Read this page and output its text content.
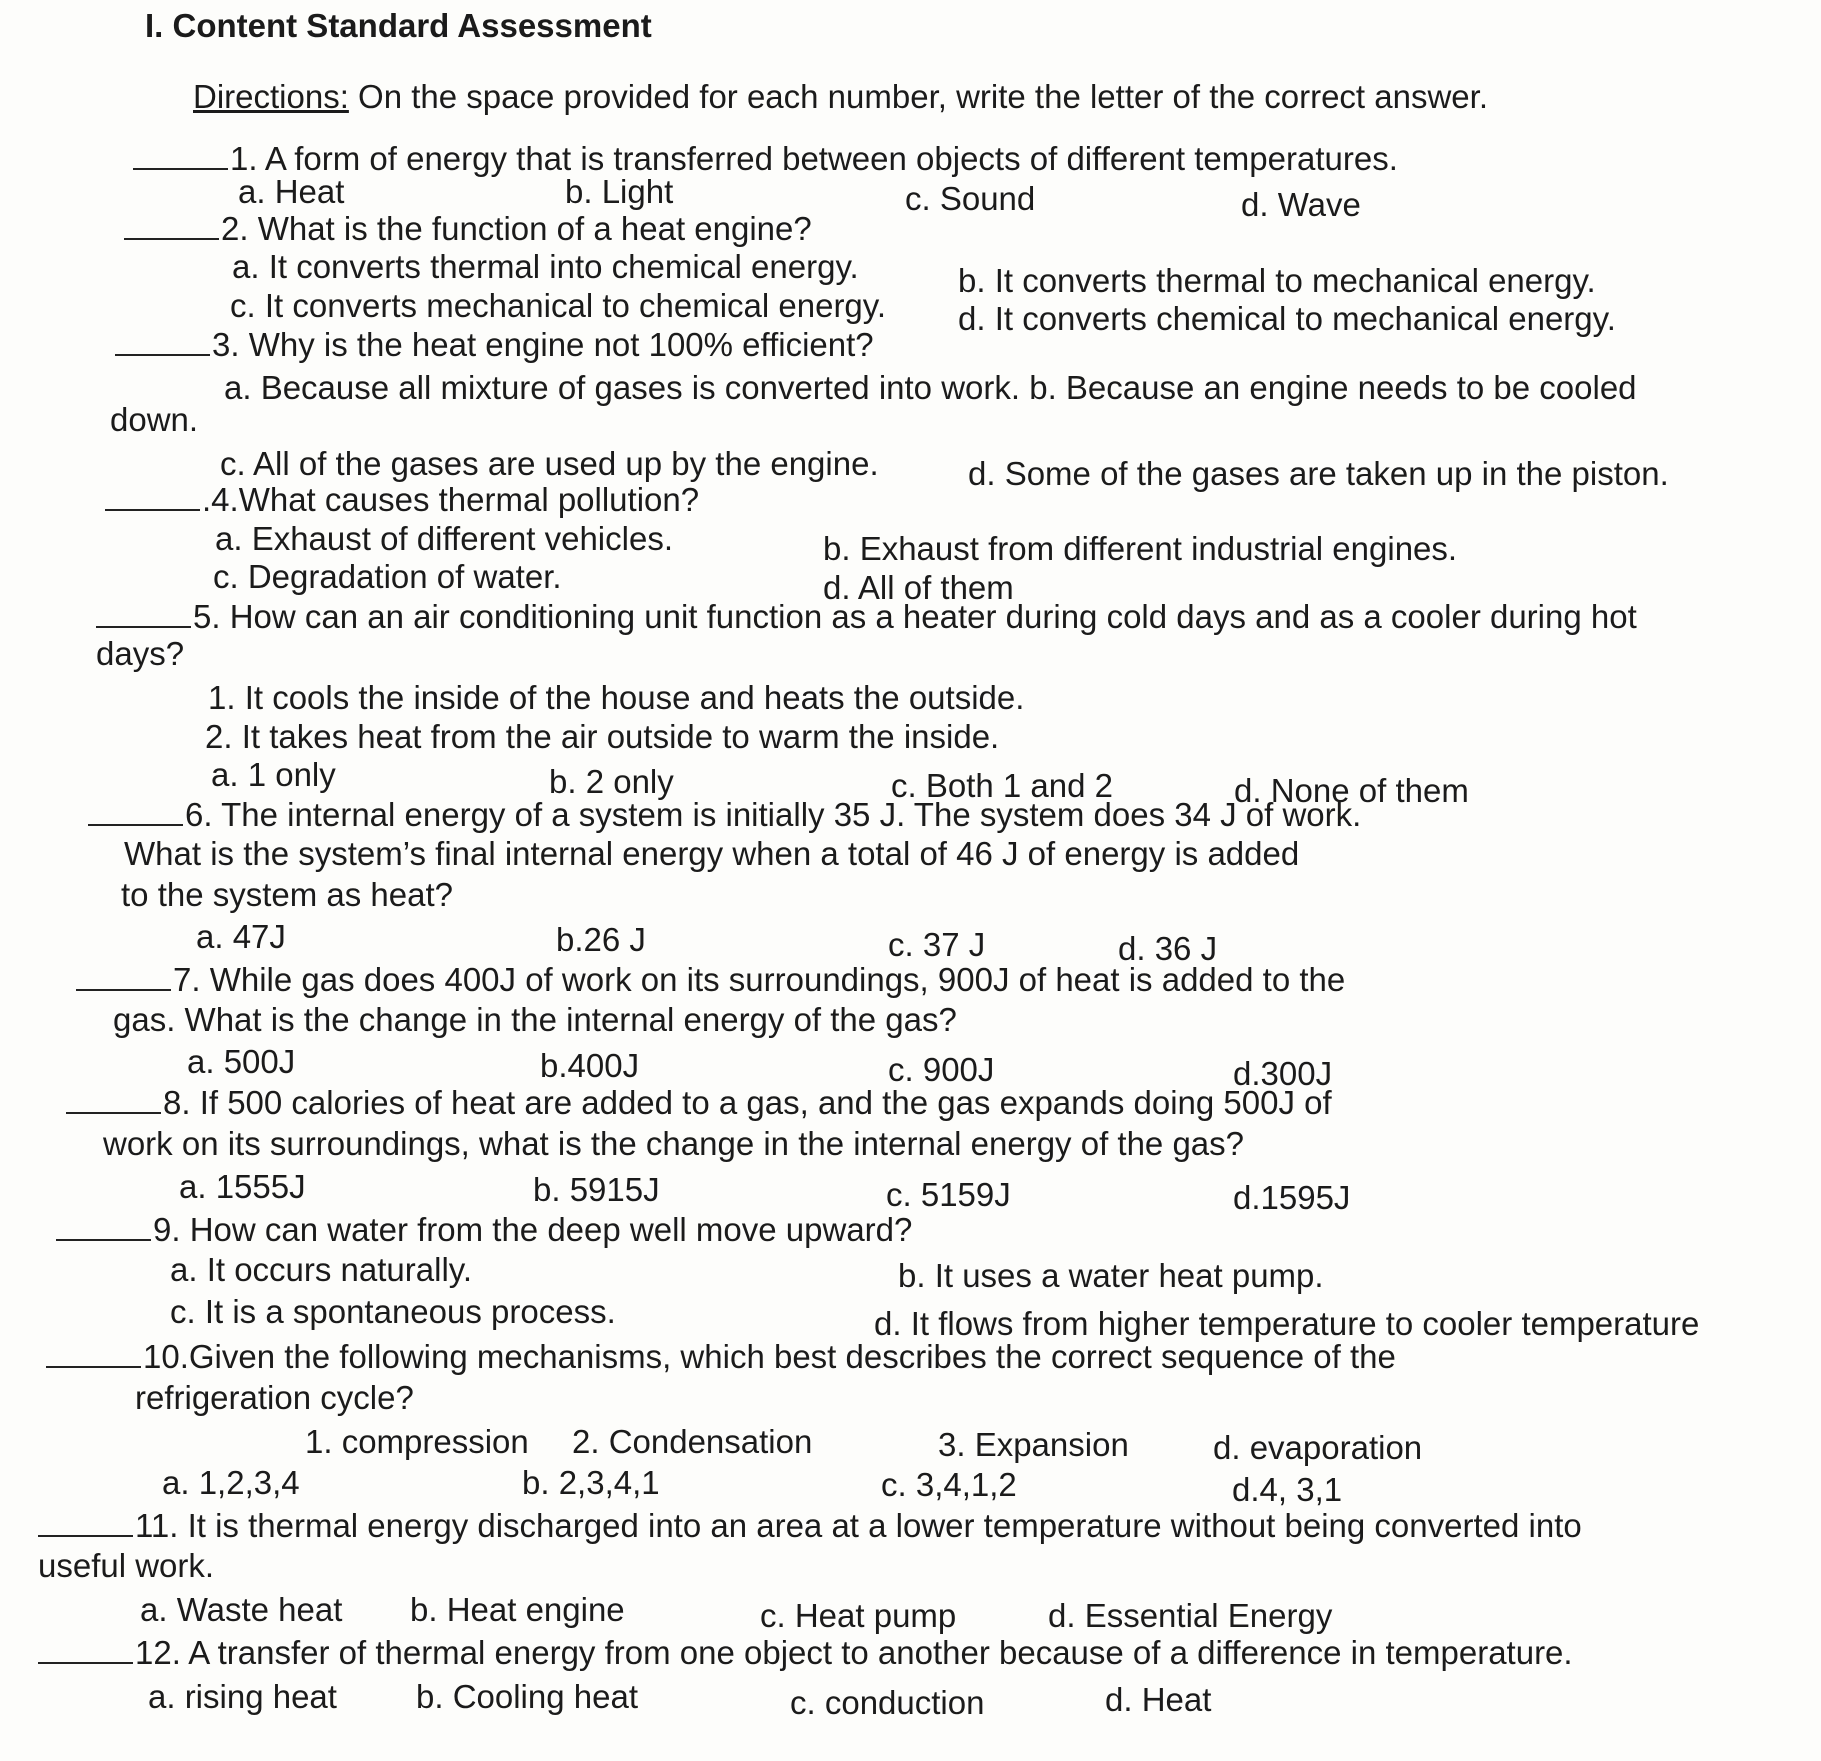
I. Content Standard Assessment
Directions: On the space provided for each number, write the letter of the correct answer.
1. A form of energy that is transferred between objects of different temperatures.
a. Heat	b. Light	c. Sound	d. Wave
2. What is the function of a heat engine?
a. It converts thermal into chemical energy.	b. It converts thermal to mechanical energy.
c. It converts mechanical to chemical energy. d. It converts chemical to mechanical energy.
3. Why is the heat engine not 100% efficient?
a. Because all mixture of gases is converted into work. b. Because an engine needs to be cooled
down.
c. All of the gases are used up by the engine.	d. Some of the gases are taken up in the piston.
.4.What causes thermal pollution?
a. Exhaust of different vehicles.	b. Exhaust from different industrial engines.
c. Degradation of water.	d. All of them
5. How can an air conditioning unit function as a heater during cold days and as a cooler during hot
days?
1. It cools the inside of the house and heats the outside.
2. It takes heat from the air outside to warm the inside.
a. 1 only	b. 2 only	c. Both 1 and 2	d. None of them
6. The internal energy of a system is initially 35 J. The system does 34 J of work.
What is the system’s final internal energy when a total of 46 J of energy is added
to the system as heat?
a. 47J	b.26 J	c. 37 J	d. 36 J
7. While gas does 400J of work on its surroundings, 900J of heat is added to the
gas. What is the change in the internal energy of the gas?
a. 500J	b.400J	c. 900J	d.300J
8. If 500 calories of heat are added to a gas, and the gas expands doing 500J of
work on its surroundings, what is the change in the internal energy of the gas?
a. 1555J	b. 5915J	c. 5159J	d.1595J
9. How can water from the deep well move upward?
a. It occurs naturally.	b. It uses a water heat pump.
c. It is a spontaneous process.	d. It flows from higher temperature to cooler temperature
10.Given the following mechanisms, which best describes the correct sequence of the
refrigeration cycle?
1. compression 2. Condensation	3. Expansion	d. evaporation
a. 1,2,3,4	b. 2,3,4,1	c. 3,4,1,2	d.4, 3,1
11. It is thermal energy discharged into an area at a lower temperature without being converted into
useful work.
a. Waste heat b. Heat engine	c. Heat pump	d. Essential Energy
12. A transfer of thermal energy from one object to another because of a difference in temperature.
a. rising heat b. Cooling heat	c. conduction	d. Heat
